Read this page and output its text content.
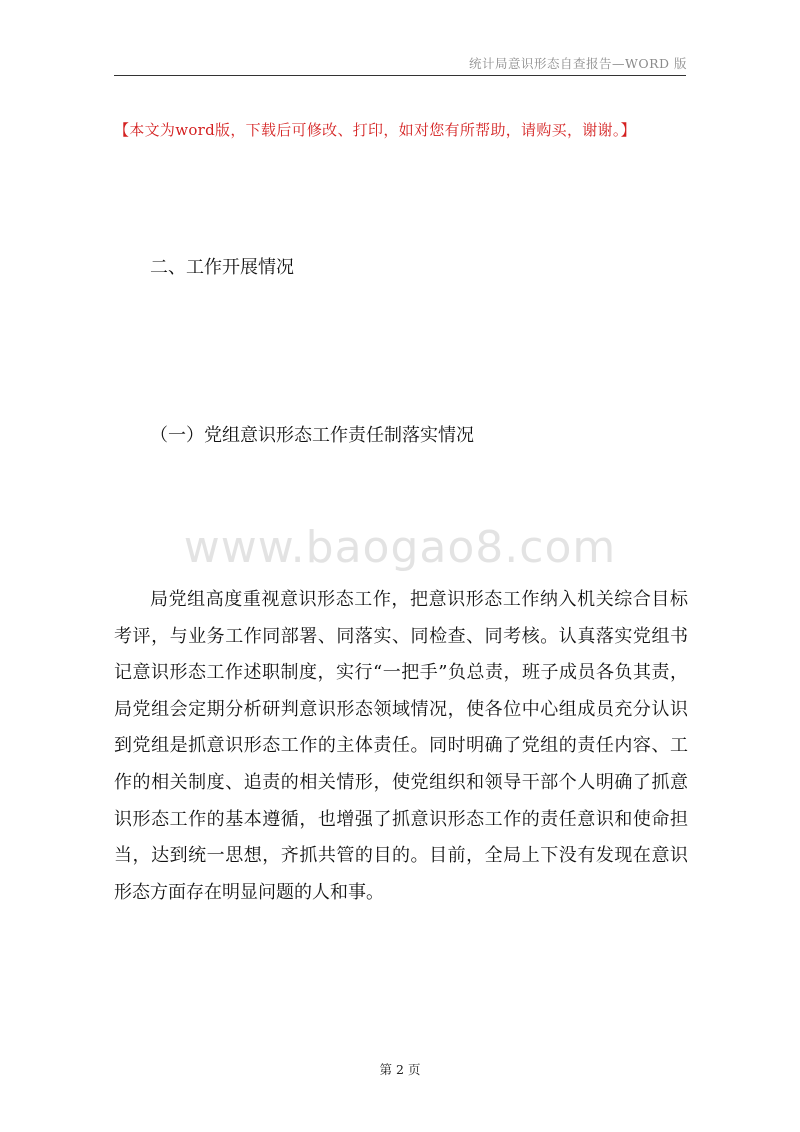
统计局意识形态自查报告—WORD 版
【本文为word版，下载后可修改、打印，如对您有所帮助，请购买，谢谢。】
二、工作开展情况
（一）党组意识形态工作责任制落实情况
www.baogao8.com

局党组高度重视意识形态工作，把意识形态工作纳入机关综合目标考评，与业务工作同部署、同落实、同检查、同考核。认真落实党组书记意识形态工作述职制度，实行“一把手”负总责，班子成员各负其责，局党组会定期分析研判意识形态领域情况，使各位中心组成员充分认识到党组是抓意识形态工作的主体责任。同时明确了党组的责任内容、工作的相关制度、追责的相关情形，使党组织和领导干部个人明确了抓意识形态工作的基本遵循，也增强了抓意识形态工作的责任意识和使命担当，达到统一思想，齐抓共管的目的。目前，全局上下没有发现在意识形态方面存在明显问题的人和事。

第 2 页
